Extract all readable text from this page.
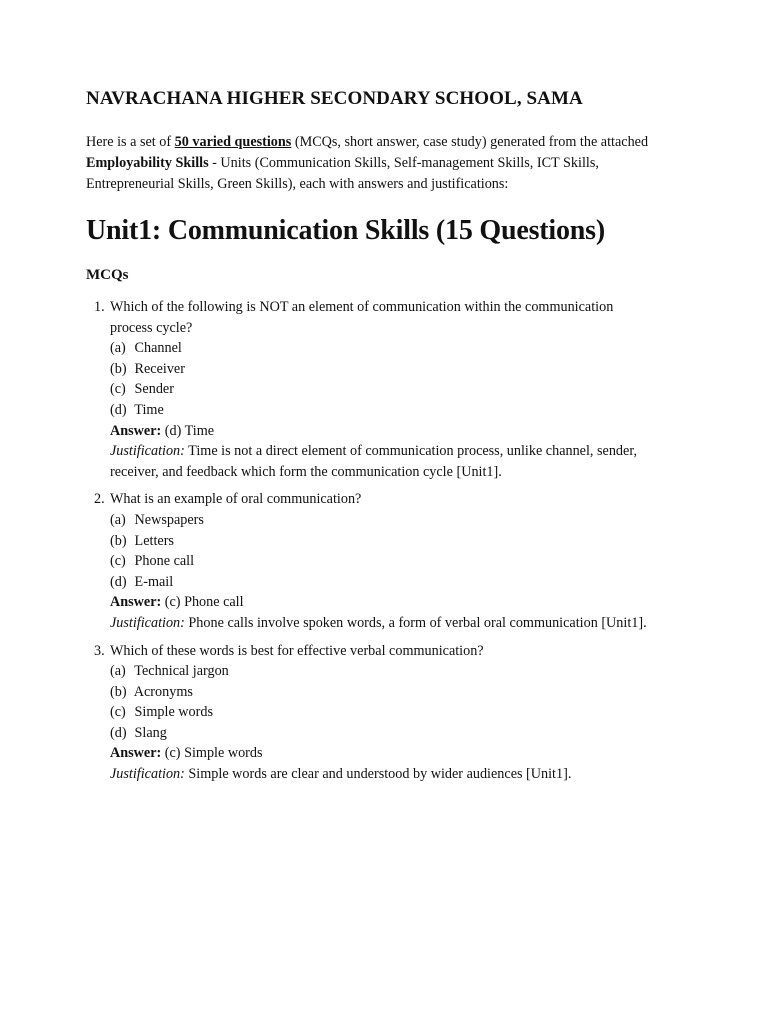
NAVRACHANA HIGHER SECONDARY SCHOOL, SAMA

Here is a set of 50 varied questions (MCQs, short answer, case study) generated from the attached
Employability Skills - Units (Communication Skills, Self-management Skills, ICT Skills, Entrepreneurial Skills, Green Skills), each with answers and justifications:

Unit1: Communication Skills (15 Questions)
MCQs
1. Which of the following is NOT an element of communication within the communication process cycle?
(a) Channel
(b) Receiver
(c) Sender
(d) Time
Answer: (d) Time
Justification: Time is not a direct element of communication process, unlike channel, sender, receiver, and feedback which form the communication cycle [Unit1].
2. What is an example of oral communication?
(a) Newspapers
(b) Letters
(c) Phone call
(d) E-mail
Answer: (c) Phone call
Justification: Phone calls involve spoken words, a form of verbal oral communication [Unit1].
3. Which of these words is best for effective verbal communication?
(a) Technical jargon
(b) Acronyms
(c) Simple words
(d) Slang
Answer: (c) Simple words
Justification: Simple words are clear and understood by wider audiences [Unit1].
